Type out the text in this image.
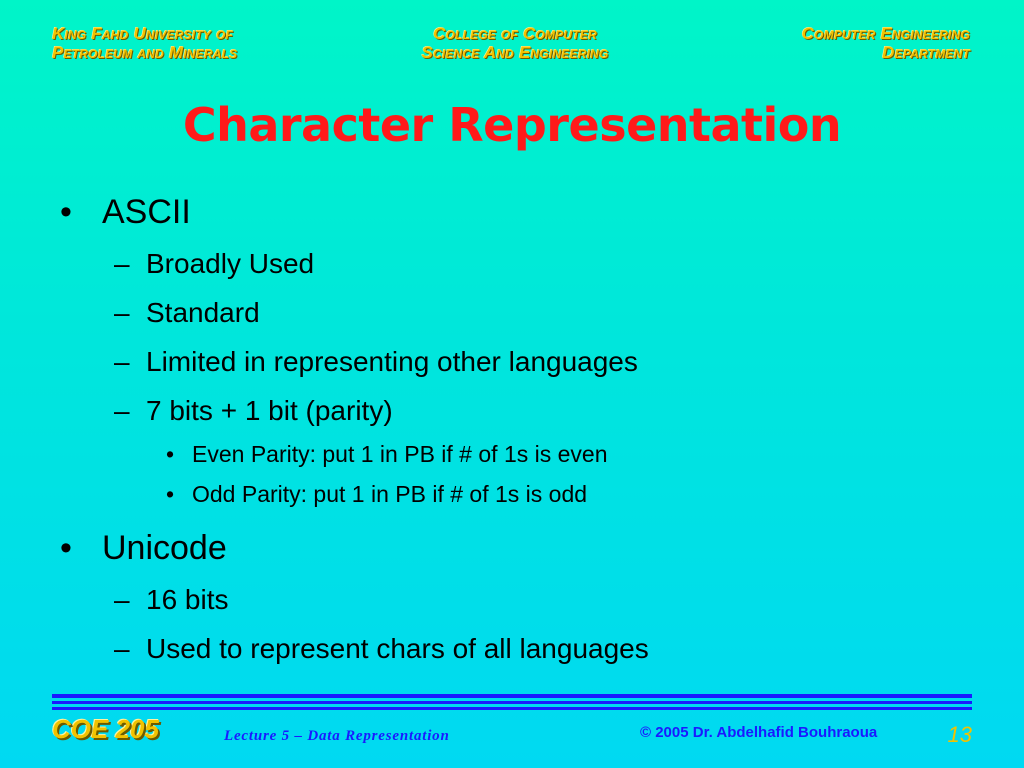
King Fahd University of
Petroleum and Minerals
College of Computer
Science And Engineering
Computer Engineering
Department
Character Representation
• ASCII
– Broadly Used
– Standard
– Limited in representing other languages
– 7 bits + 1 bit (parity)
• Even Parity: put 1 in PB if # of 1s is even
• Odd Parity: put 1 in PB if # of 1s is odd
• Unicode
– 16 bits
– Used to represent chars of all languages
COE 205	Lecture 5 – Data Representation	© 2005 Dr. Abdelhafid Bouhraoua	13
